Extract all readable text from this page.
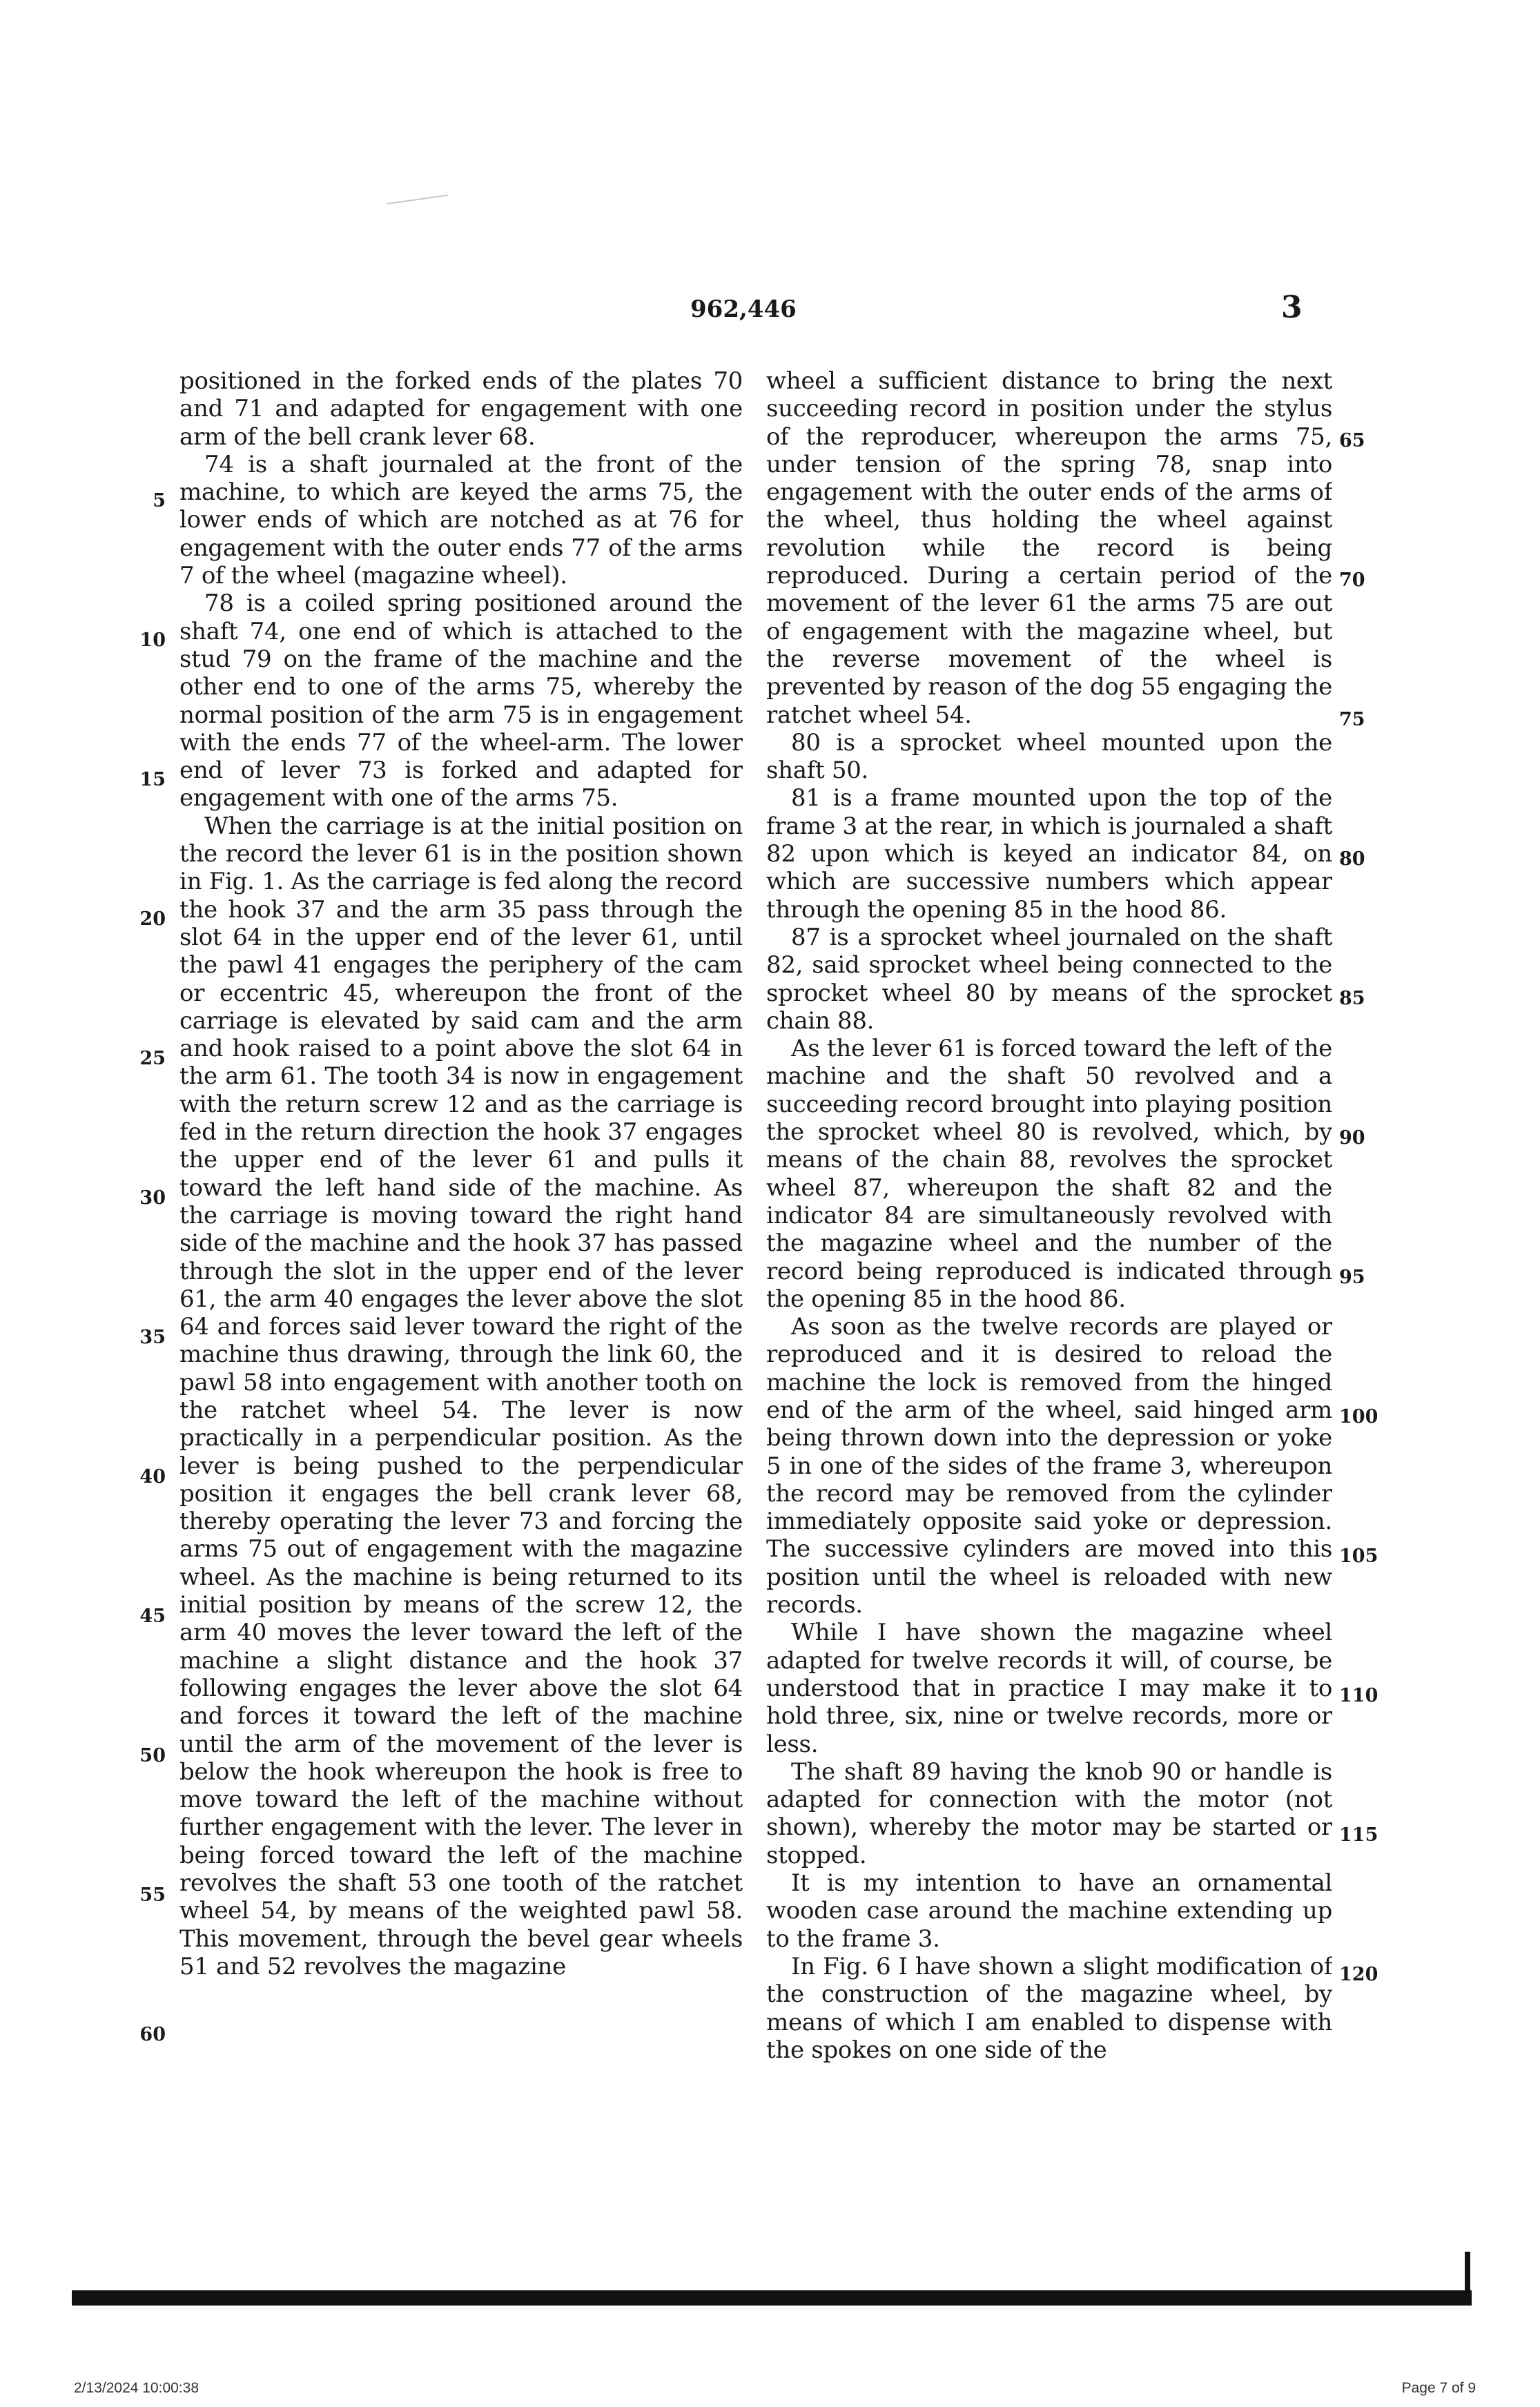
962,446	3
5
10
15
20
25
30
35
40
45
50
55
60
65
70
75
80
85
90
95
100
105
110
115
120

positioned in the forked ends of the plates 70 and 71 and adapted for engagement with one arm of the bell crank lever 68.

74 is a shaft journaled at the front of the machine, to which are keyed the arms 75, the lower ends of which are notched as at 76 for engagement with the outer ends 77 of the arms 7 of the wheel (magazine wheel).

78 is a coiled spring positioned around the shaft 74, one end of which is attached to the stud 79 on the frame of the machine and the other end to one of the arms 75, whereby the normal position of the arm 75 is in engagement with the ends 77 of the wheel-arm. The lower end of lever 73 is forked and adapted for engagement with one of the arms 75.

When the carriage is at the initial position on the record the lever 61 is in the position shown in Fig. 1. As the carriage is fed along the record the hook 37 and the arm 35 pass through the slot 64 in the upper end of the lever 61, until the pawl 41 engages the periphery of the cam or eccentric 45, whereupon the front of the carriage is elevated by said cam and the arm and hook raised to a point above the slot 64 in the arm 61. The tooth 34 is now in engagement with the return screw 12 and as the carriage is fed in the return direction the hook 37 engages the upper end of the lever 61 and pulls it toward the left hand side of the machine. As the carriage is moving toward the right hand side of the machine and the hook 37 has passed through the slot in the upper end of the lever 61, the arm 40 engages the lever above the slot 64 and forces said lever toward the right of the machine thus drawing, through the link 60, the pawl 58 into engagement with another tooth on the ratchet wheel 54. The lever is now practically in a perpendicular position. As the lever is being pushed to the perpendicular position it engages the bell crank lever 68, thereby operating the lever 73 and forcing the arms 75 out of engagement with the magazine wheel. As the machine is being returned to its initial position by means of the screw 12, the arm 40 moves the lever toward the left of the machine a slight distance and the hook 37 following engages the lever above the slot 64 and forces it toward the left of the machine until the arm of the movement of the lever is below the hook whereupon the hook is free to move toward the left of the machine without further engagement with the lever. The lever in being forced toward the left of the machine revolves the shaft 53 one tooth of the ratchet wheel 54, by means of the weighted pawl 58. This movement, through the bevel gear wheels 51 and 52 revolves the magazine

wheel a sufficient distance to bring the next succeeding record in position under the stylus of the reproducer, whereupon the arms 75, under tension of the spring 78, snap into engagement with the outer ends of the arms of the wheel, thus holding the wheel against revolution while the record is being reproduced. During a certain period of the movement of the lever 61 the arms 75 are out of engagement with the magazine wheel, but the reverse movement of the wheel is prevented by reason of the dog 55 engaging the ratchet wheel 54.

80 is a sprocket wheel mounted upon the shaft 50.

81 is a frame mounted upon the top of the frame 3 at the rear, in which is journaled a shaft 82 upon which is keyed an indicator 84, on which are successive numbers which appear through the opening 85 in the hood 86.

87 is a sprocket wheel journaled on the shaft 82, said sprocket wheel being connected to the sprocket wheel 80 by means of the sprocket chain 88.

As the lever 61 is forced toward the left of the machine and the shaft 50 revolved and a succeeding record brought into playing position the sprocket wheel 80 is revolved, which, by means of the chain 88, revolves the sprocket wheel 87, whereupon the shaft 82 and the indicator 84 are simultaneously revolved with the magazine wheel and the number of the record being reproduced is indicated through the opening 85 in the hood 86.

As soon as the twelve records are played or reproduced and it is desired to reload the machine the lock is removed from the hinged end of the arm of the wheel, said hinged arm being thrown down into the depression or yoke 5 in one of the sides of the frame 3, whereupon the record may be removed from the cylinder immediately opposite said yoke or depression. The successive cylinders are moved into this position until the wheel is reloaded with new records.

While I have shown the magazine wheel adapted for twelve records it will, of course, be understood that in practice I may make it to hold three, six, nine or twelve records, more or less.

The shaft 89 having the knob 90 or handle is adapted for connection with the motor (not shown), whereby the motor may be started or stopped.

It is my intention to have an ornamental wooden case around the machine extending up to the frame 3.

In Fig. 6 I have shown a slight modification of the construction of the magazine wheel, by means of which I am enabled to dispense with the spokes on one side of the

2/13/2024 10:00:38	Page 7 of 9
